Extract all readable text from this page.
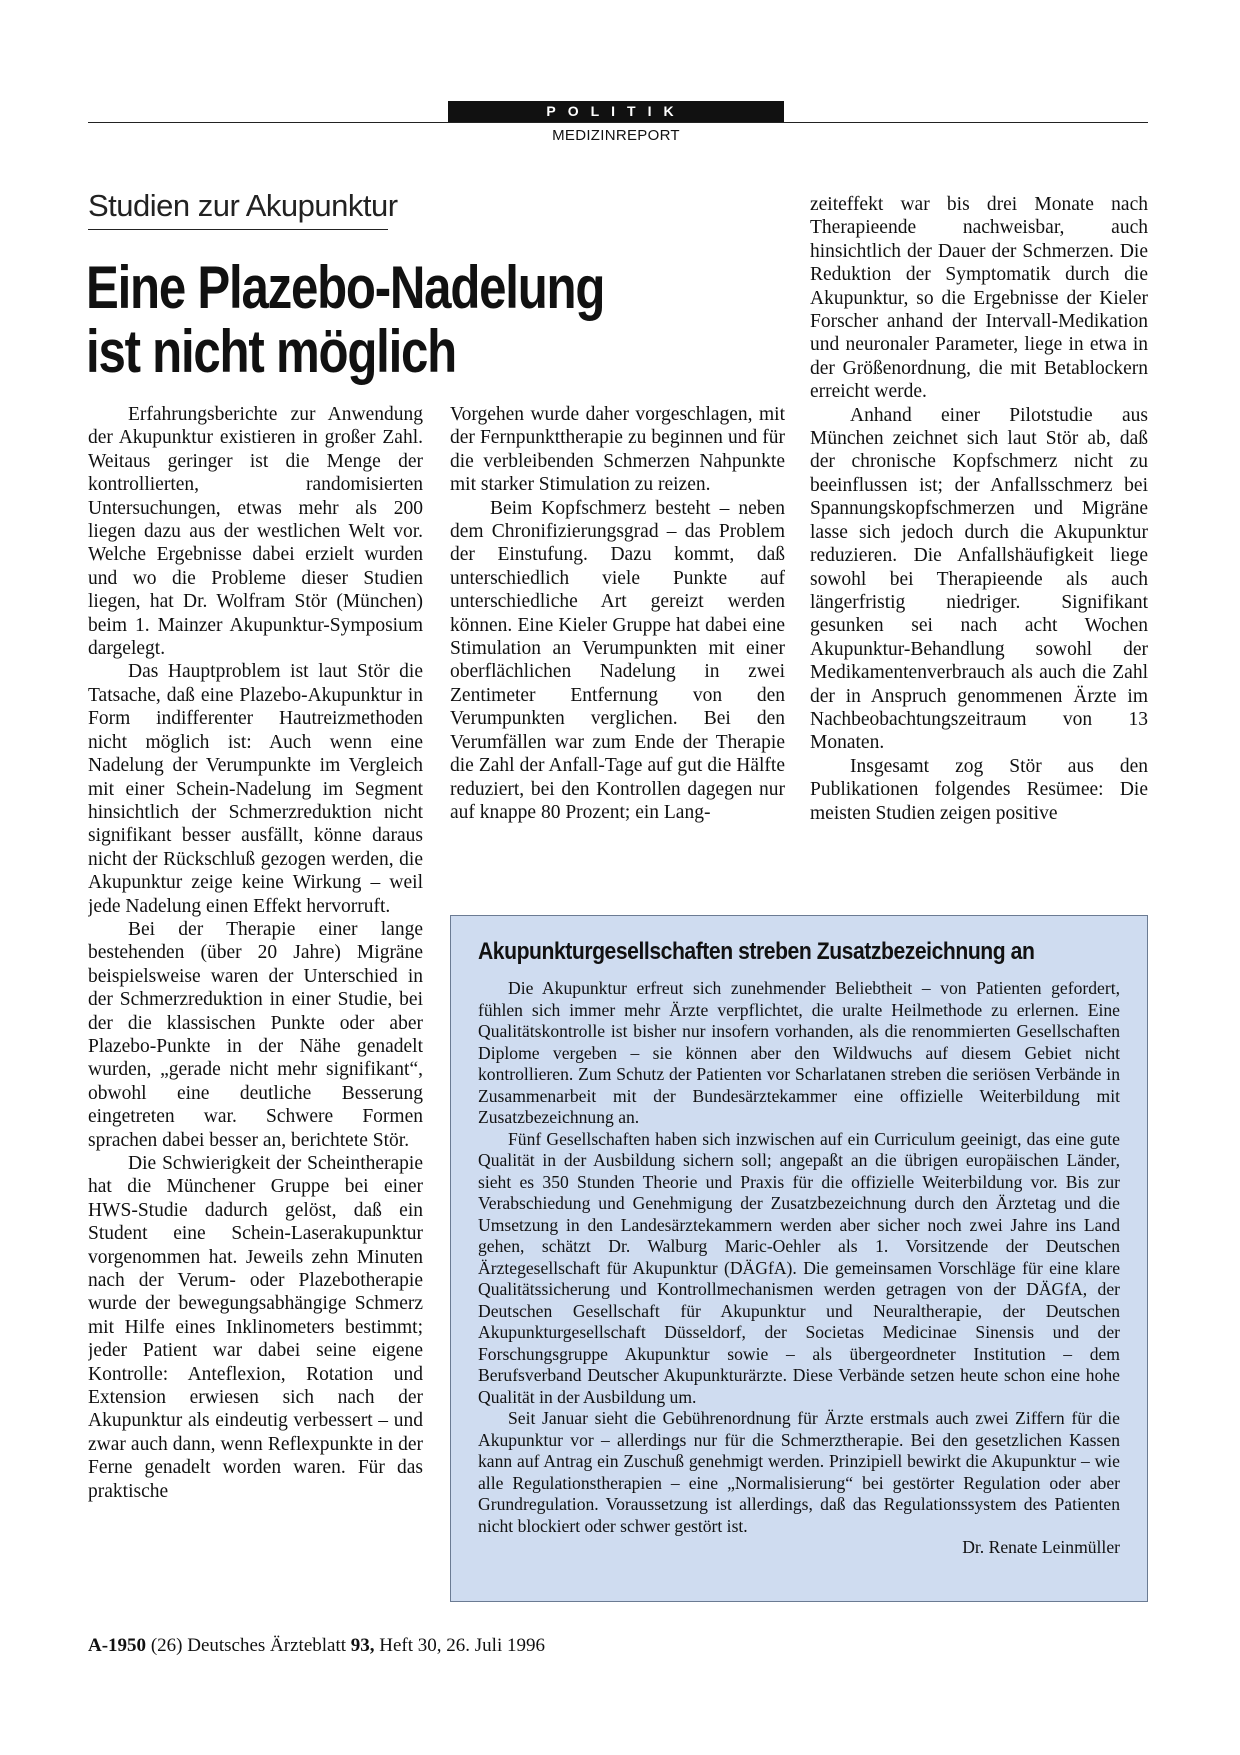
POLITIK
MEDIZINREPORT
Studien zur Akupunktur
Eine Plazebo-Nadelung
ist nicht möglich

Erfahrungsberichte zur Anwendung der Akupunktur existieren in großer Zahl. Weitaus geringer ist die Menge der kontrollierten, randomisierten Untersuchungen, etwas mehr als 200 liegen dazu aus der westlichen Welt vor. Welche Ergebnisse dabei erzielt wurden und wo die Probleme dieser Studien liegen, hat Dr. Wolfram Stör (München) beim 1. Mainzer Akupunktur-Symposium dargelegt.

Das Hauptproblem ist laut Stör die Tatsache, daß eine Plazebo-Akupunktur in Form indifferenter Hautreizmethoden nicht möglich ist: Auch wenn eine Nadelung der Verumpunkte im Vergleich mit einer Schein-Nadelung im Segment hinsichtlich der Schmerzreduktion nicht signifikant besser ausfällt, könne daraus nicht der Rückschluß gezogen werden, die Akupunktur zeige keine Wirkung – weil jede Nadelung einen Effekt hervorruft.

Bei der Therapie einer lange bestehenden (über 20 Jahre) Migräne beispielsweise waren der Unterschied in der Schmerzreduktion in einer Studie, bei der die klassischen Punkte oder aber Plazebo-Punkte in der Nähe genadelt wurden, „gerade nicht mehr signifikant“, obwohl eine deutliche Besserung eingetreten war. Schwere Formen sprachen dabei besser an, berichtete Stör.

Die Schwierigkeit der Scheintherapie hat die Münchener Gruppe bei einer HWS-Studie dadurch gelöst, daß ein Student eine Schein-Laserakupunktur vorgenommen hat. Jeweils zehn Minuten nach der Verum- oder Plazebotherapie wurde der bewegungsabhängige Schmerz mit Hilfe eines Inklinometers bestimmt; jeder Patient war dabei seine eigene Kontrolle: Anteflexion, Rotation und Extension erwiesen sich nach der Akupunktur als eindeutig verbessert – und zwar auch dann, wenn Reflexpunkte in der Ferne genadelt worden waren. Für das praktische

Vorgehen wurde daher vorgeschlagen, mit der Fernpunkttherapie zu beginnen und für die verbleibenden Schmerzen Nahpunkte mit starker Stimulation zu reizen.

Beim Kopfschmerz besteht – neben dem Chronifizierungsgrad – das Problem der Einstufung. Dazu kommt, daß unterschiedlich viele Punkte auf unterschiedliche Art gereizt werden können. Eine Kieler Gruppe hat dabei eine Stimulation an Verumpunkten mit einer oberflächlichen Nadelung in zwei Zentimeter Entfernung von den Verumpunkten verglichen. Bei den Verumfällen war zum Ende der Therapie die Zahl der Anfall-Tage auf gut die Hälfte reduziert, bei den Kontrollen dagegen nur auf knappe 80 Prozent; ein Lang-

zeiteffekt war bis drei Monate nach Therapieende nachweisbar, auch hinsichtlich der Dauer der Schmerzen. Die Reduktion der Symptomatik durch die Akupunktur, so die Ergebnisse der Kieler Forscher anhand der Intervall-Medikation und neuronaler Parameter, liege in etwa in der Größenordnung, die mit Betablockern erreicht werde.

Anhand einer Pilotstudie aus München zeichnet sich laut Stör ab, daß der chronische Kopfschmerz nicht zu beeinflussen ist; der Anfallsschmerz bei Spannungskopfschmerzen und Migräne lasse sich jedoch durch die Akupunktur reduzieren. Die Anfallshäufigkeit liege sowohl bei Therapieende als auch längerfristig niedriger. Signifikant gesunken sei nach acht Wochen Akupunktur-Behandlung sowohl der Medikamentenverbrauch als auch die Zahl der in Anspruch genommenen Ärzte im Nachbeobachtungszeitraum von 13 Monaten.

Insgesamt zog Stör aus den Publikationen folgendes Resümee: Die meisten Studien zeigen positive

Akupunkturgesellschaften streben Zusatzbezeichnung an

Die Akupunktur erfreut sich zunehmender Beliebtheit – von Patienten gefordert, fühlen sich immer mehr Ärzte verpflichtet, die uralte Heilmethode zu erlernen. Eine Qualitätskontrolle ist bisher nur insofern vorhanden, als die renommierten Gesellschaften Diplome vergeben – sie können aber den Wildwuchs auf diesem Gebiet nicht kontrollieren. Zum Schutz der Patienten vor Scharlatanen streben die seriösen Verbände in Zusammenarbeit mit der Bundesärztekammer eine offizielle Weiterbildung mit Zusatzbezeichnung an.

Fünf Gesellschaften haben sich inzwischen auf ein Curriculum geeinigt, das eine gute Qualität in der Ausbildung sichern soll; angepaßt an die übrigen europäischen Länder, sieht es 350 Stunden Theorie und Praxis für die offizielle Weiterbildung vor. Bis zur Verabschiedung und Genehmigung der Zusatzbezeichnung durch den Ärztetag und die Umsetzung in den Landesärztekammern werden aber sicher noch zwei Jahre ins Land gehen, schätzt Dr. Walburg Maric-Oehler als 1. Vorsitzende der Deutschen Ärztegesellschaft für Akupunktur (DÄGfA). Die gemeinsamen Vorschläge für eine klare Qualitätssicherung und Kontrollmechanismen werden getragen von der DÄGfA, der Deutschen Gesellschaft für Akupunktur und Neuraltherapie, der Deutschen Akupunkturgesellschaft Düsseldorf, der Societas Medicinae Sinensis und der Forschungsgruppe Akupunktur sowie – als übergeordneter Institution – dem Berufsverband Deutscher Akupunkturärzte. Diese Verbände setzen heute schon eine hohe Qualität in der Ausbildung um.

Seit Januar sieht die Gebührenordnung für Ärzte erstmals auch zwei Ziffern für die Akupunktur vor – allerdings nur für die Schmerztherapie. Bei den gesetzlichen Kassen kann auf Antrag ein Zuschuß genehmigt werden. Prinzipiell bewirkt die Akupunktur – wie alle Regulationstherapien – eine „Normalisierung“ bei gestörter Regulation oder aber Grundregulation. Voraussetzung ist allerdings, daß das Regulationssystem des Patienten nicht blockiert oder schwer gestört ist.

Dr. Renate Leinmüller
A-1950 (26) Deutsches Ärzteblatt 93, Heft 30, 26. Juli 1996
